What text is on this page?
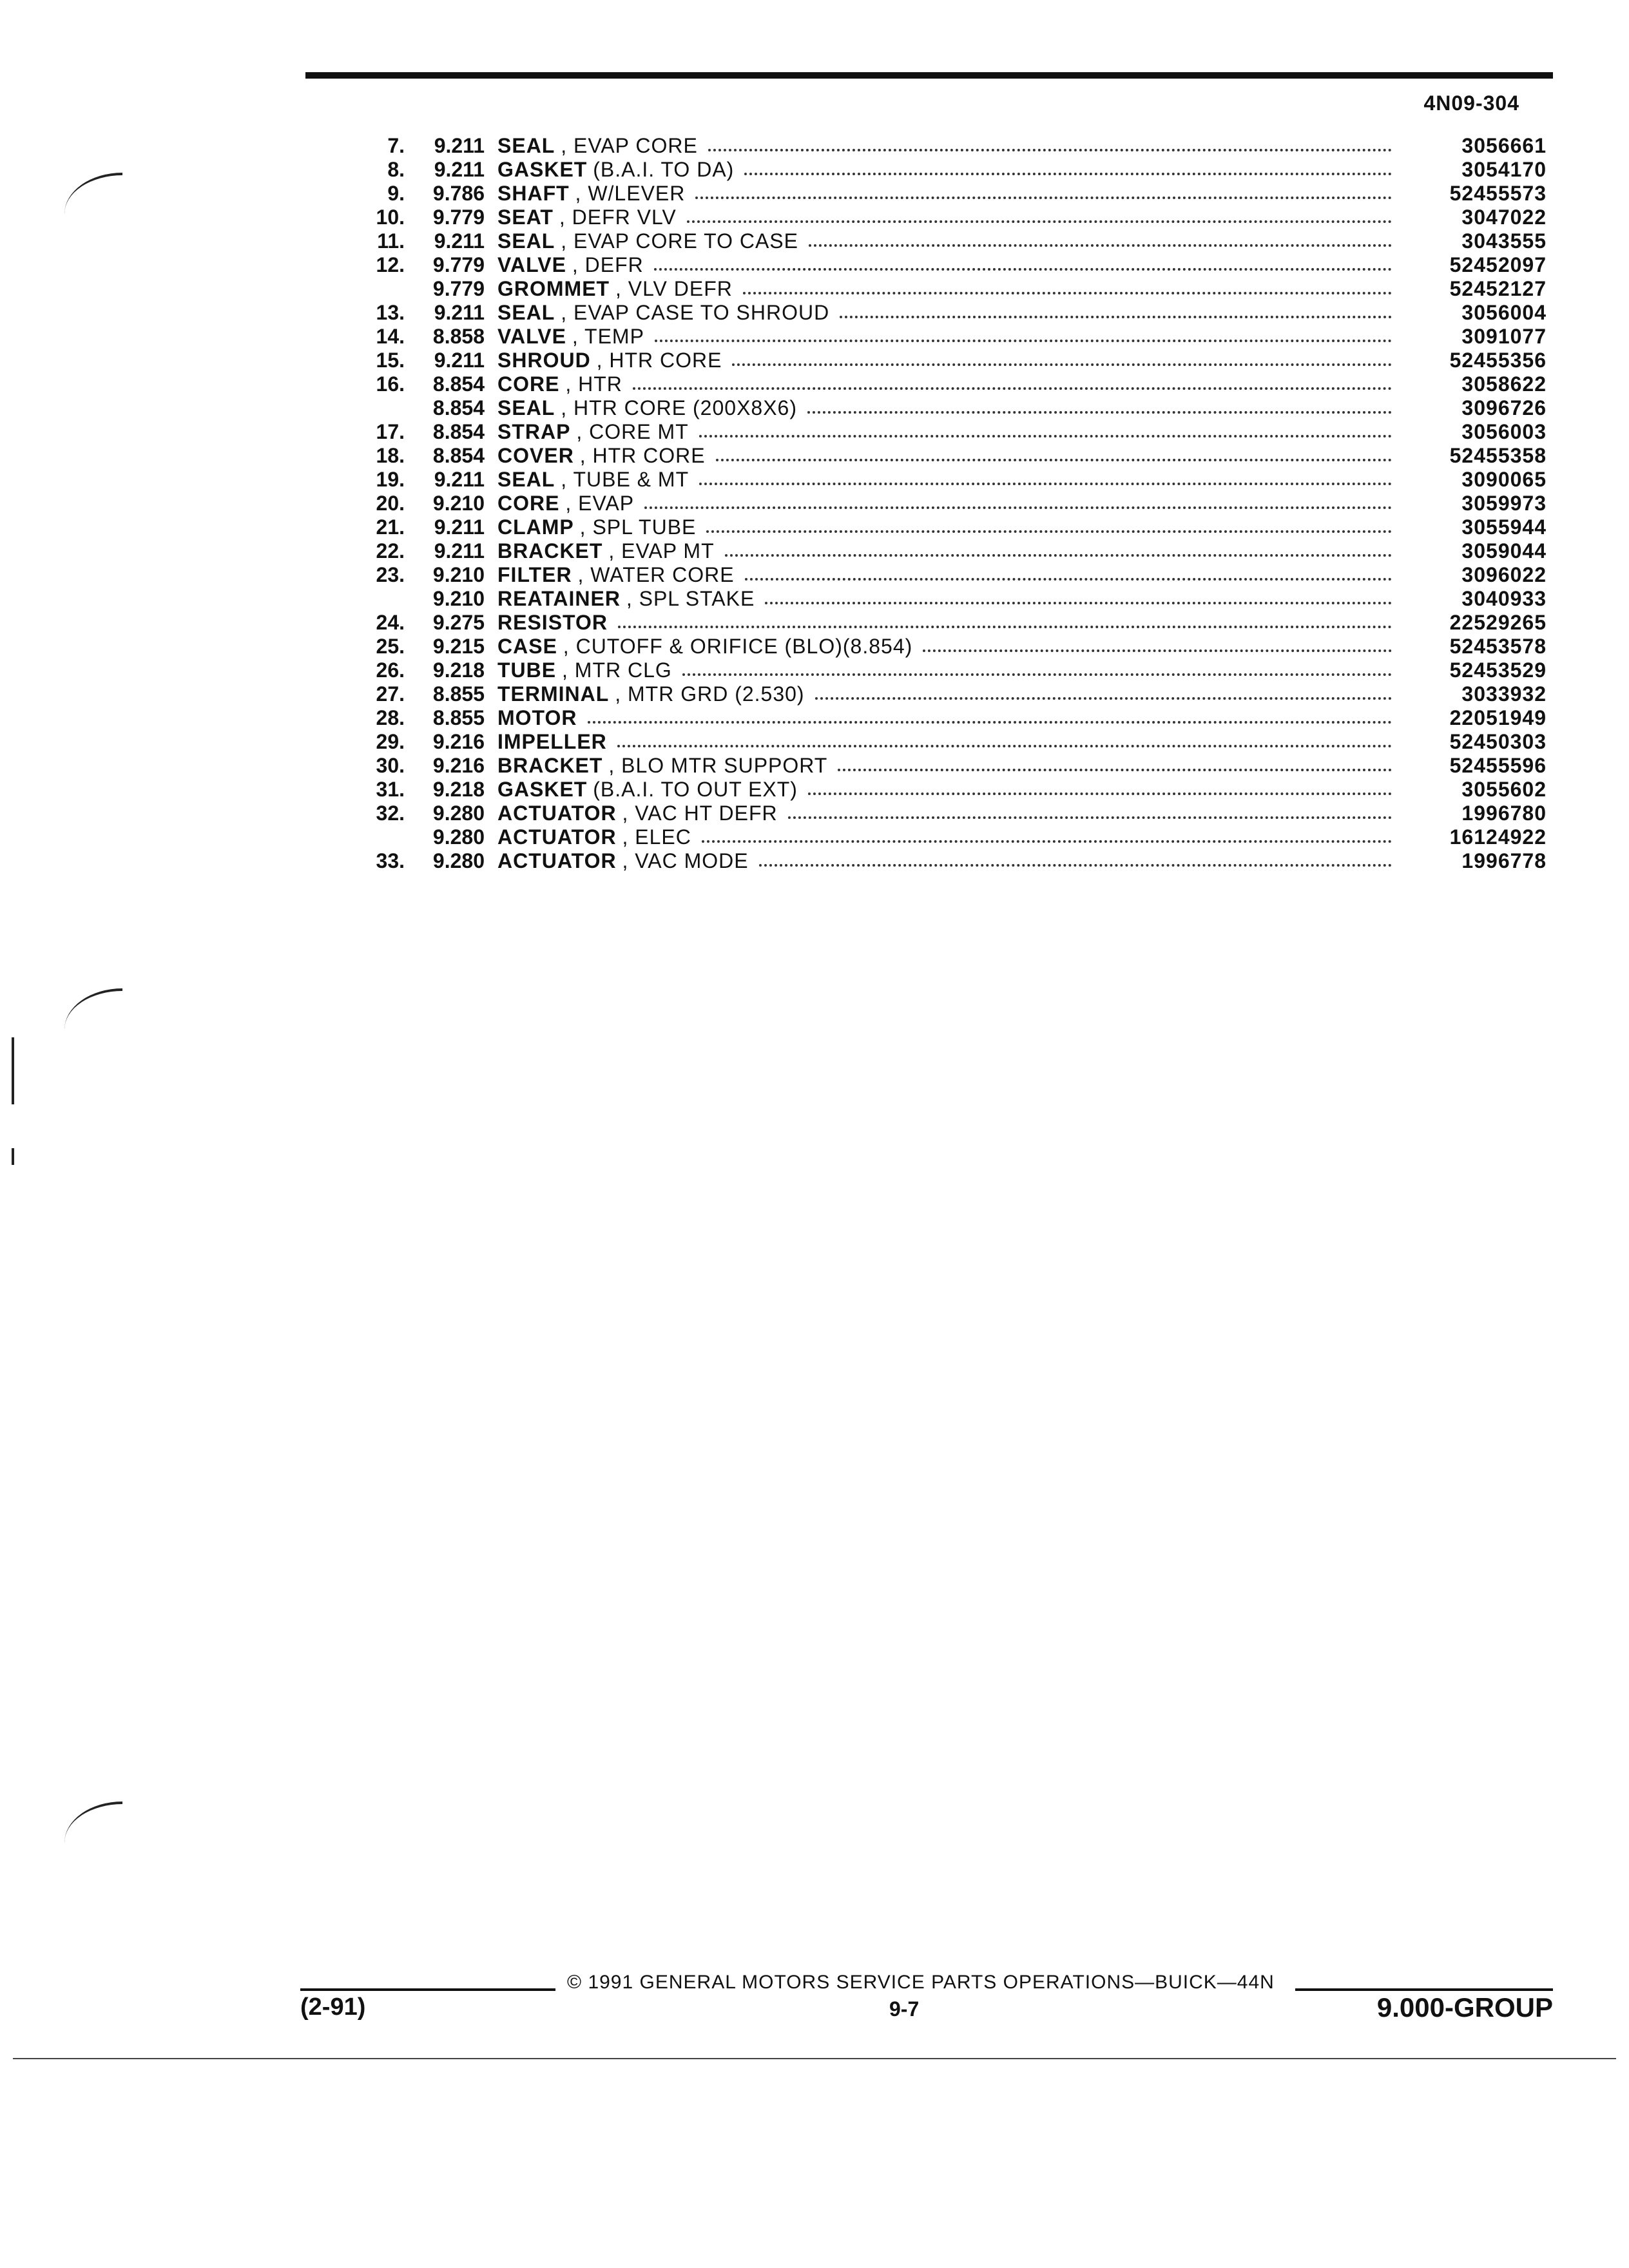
4N09-304
7.	9.211 SEAL , EVAP CORE	3056661
8.	9.211 GASKET (B.A.I. TO DA)	3054170
9.	9.786 SHAFT , W/LEVER	52455573
10.	9.779 SEAT , DEFR VLV	3047022
11.	9.211 SEAL , EVAP CORE TO CASE	3043555
12.	9.779 VALVE , DEFR	52452097
9.779 GROMMET , VLV DEFR	52452127
13.	9.211 SEAL , EVAP CASE TO SHROUD	3056004
14.	8.858 VALVE , TEMP	3091077
15.	9.211 SHROUD , HTR CORE	52455356
16.	8.854 CORE , HTR	3058622
8.854 SEAL , HTR CORE (200X8X6)	3096726
17.	8.854 STRAP , CORE MT	3056003
18.	8.854 COVER , HTR CORE	52455358
19.	9.211 SEAL , TUBE & MT	3090065
20.	9.210 CORE , EVAP	3059973
21.	9.211 CLAMP , SPL TUBE	3055944
22.	9.211 BRACKET , EVAP MT	3059044
23.	9.210 FILTER , WATER CORE	3096022
9.210 REATAINER , SPL STAKE	3040933
24.	9.275 RESISTOR	22529265
25.	9.215 CASE , CUTOFF & ORIFICE (BLO)(8.854)	52453578
26.	9.218 TUBE , MTR CLG	52453529
27.	8.855 TERMINAL , MTR GRD (2.530)	3033932
28.	8.855 MOTOR	22051949
29.	9.216 IMPELLER	52450303
30.	9.216 BRACKET , BLO MTR SUPPORT	52455596
31.	9.218 GASKET (B.A.I. TO OUT EXT)	3055602
32.	9.280 ACTUATOR , VAC HT DEFR	1996780
9.280 ACTUATOR , ELEC	16124922
33.	9.280 ACTUATOR , VAC MODE	1996778
© 1991 GENERAL MOTORS SERVICE PARTS OPERATIONS—BUICK—44N
(2-91)	9-7	9.000-GROUP
